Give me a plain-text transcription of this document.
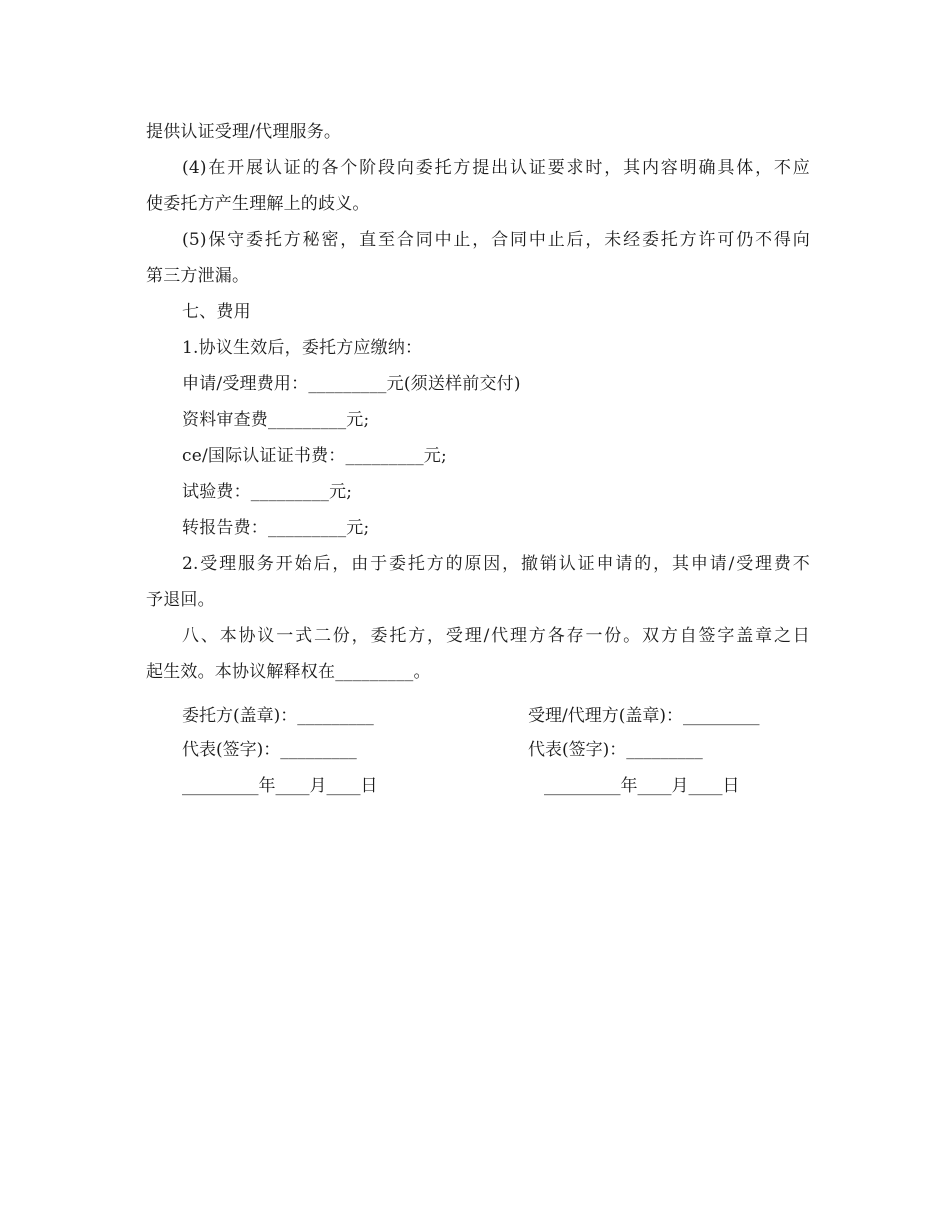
提供认证受理/代理服务。
(4)在开展认证的各个阶段向委托方提出认证要求时，其内容明确具体，不应
使委托方产生理解上的歧义。
(5)保守委托方秘密，直至合同中止，合同中止后，未经委托方许可仍不得向
第三方泄漏。
七、费用
1.协议生效后，委托方应缴纳：
申请/受理费用：_________元(须送样前交付)
资料审查费_________元;
ce/国际认证证书费：_________元;
试验费：_________元;
转报告费：_________元;
2.受理服务开始后，由于委托方的原因，撤销认证申请的，其申请/受理费不
予退回。
八、本协议一式二份，委托方，受理/代理方各存一份。双方自签字盖章之日
起生效。本协议解释权在_________。
委托方(盖章)：_________	受理/代理方(盖章)：_________
代表(签字)：_________	代表(签字)：_________
_________年____月____日	_________年____月____日
